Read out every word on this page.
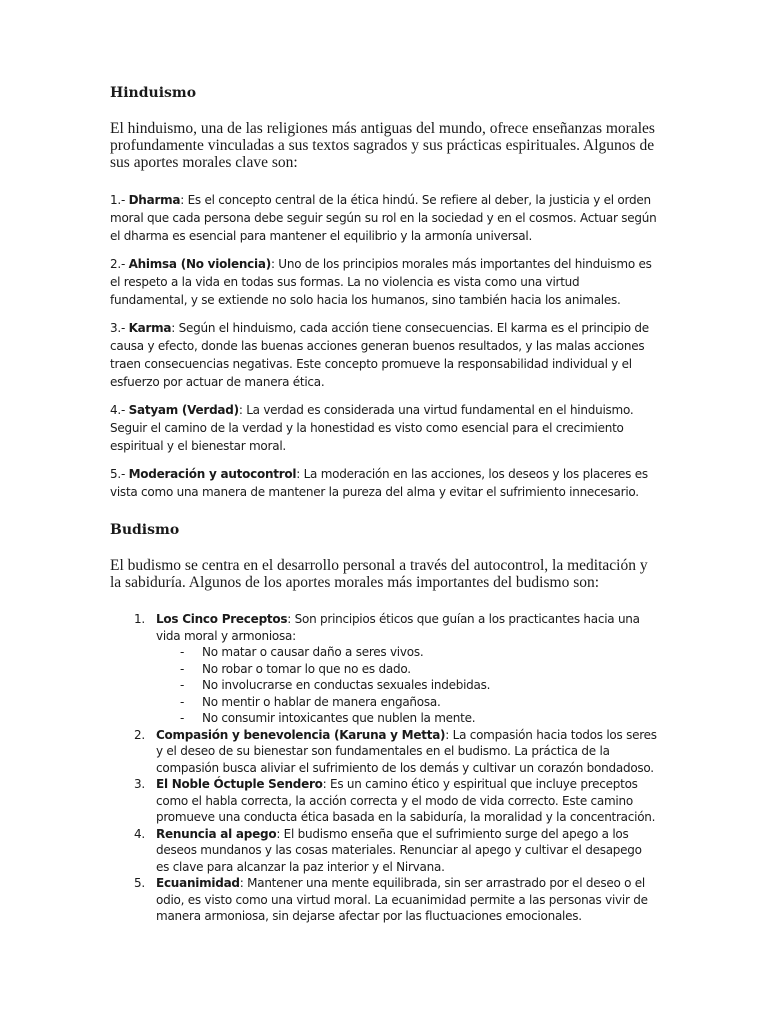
Hinduismo

El hinduismo, una de las religiones más antiguas del mundo, ofrece enseñanzas morales profundamente vinculadas a sus textos sagrados y sus prácticas espirituales. Algunos de sus aportes morales clave son:

1.- Dharma: Es el concepto central de la ética hindú. Se refiere al deber, la justicia y el orden moral que cada persona debe seguir según su rol en la sociedad y en el cosmos. Actuar según el dharma es esencial para mantener el equilibrio y la armonía universal.

2.- Ahimsa (No violencia): Uno de los principios morales más importantes del hinduismo es el respeto a la vida en todas sus formas. La no violencia es vista como una virtud fundamental, y se extiende no solo hacia los humanos, sino también hacia los animales.

3.- Karma: Según el hinduismo, cada acción tiene consecuencias. El karma es el principio de causa y efecto, donde las buenas acciones generan buenos resultados, y las malas acciones traen consecuencias negativas. Este concepto promueve la responsabilidad individual y el esfuerzo por actuar de manera ética.

4.- Satyam (Verdad): La verdad es considerada una virtud fundamental en el hinduismo. Seguir el camino de la verdad y la honestidad es visto como esencial para el crecimiento espiritual y el bienestar moral.

5.- Moderación y autocontrol: La moderación en las acciones, los deseos y los placeres es vista como una manera de mantener la pureza del alma y evitar el sufrimiento innecesario.

Budismo

El budismo se centra en el desarrollo personal a través del autocontrol, la meditación y la sabiduría. Algunos de los aportes morales más importantes del budismo son:

1. Los Cinco Preceptos: Son principios éticos que guían a los practicantes hacia una vida moral y armoniosa:
- No matar o causar daño a seres vivos.
- No robar o tomar lo que no es dado.
- No involucrarse en conductas sexuales indebidas.
- No mentir o hablar de manera engañosa.
- No consumir intoxicantes que nublen la mente.
2. Compasión y benevolencia (Karuna y Metta): La compasión hacia todos los seres y el deseo de su bienestar son fundamentales en el budismo. La práctica de la compasión busca aliviar el sufrimiento de los demás y cultivar un corazón bondadoso.
3. El Noble Óctuple Sendero: Es un camino ético y espiritual que incluye preceptos como el habla correcta, la acción correcta y el modo de vida correcto. Este camino promueve una conducta ética basada en la sabiduría, la moralidad y la concentración.
4. Renuncia al apego: El budismo enseña que el sufrimiento surge del apego a los deseos mundanos y las cosas materiales. Renunciar al apego y cultivar el desapego es clave para alcanzar la paz interior y el Nirvana.
5. Ecuanimidad: Mantener una mente equilibrada, sin ser arrastrado por el deseo o el odio, es visto como una virtud moral. La ecuanimidad permite a las personas vivir de manera armoniosa, sin dejarse afectar por las fluctuaciones emocionales.
